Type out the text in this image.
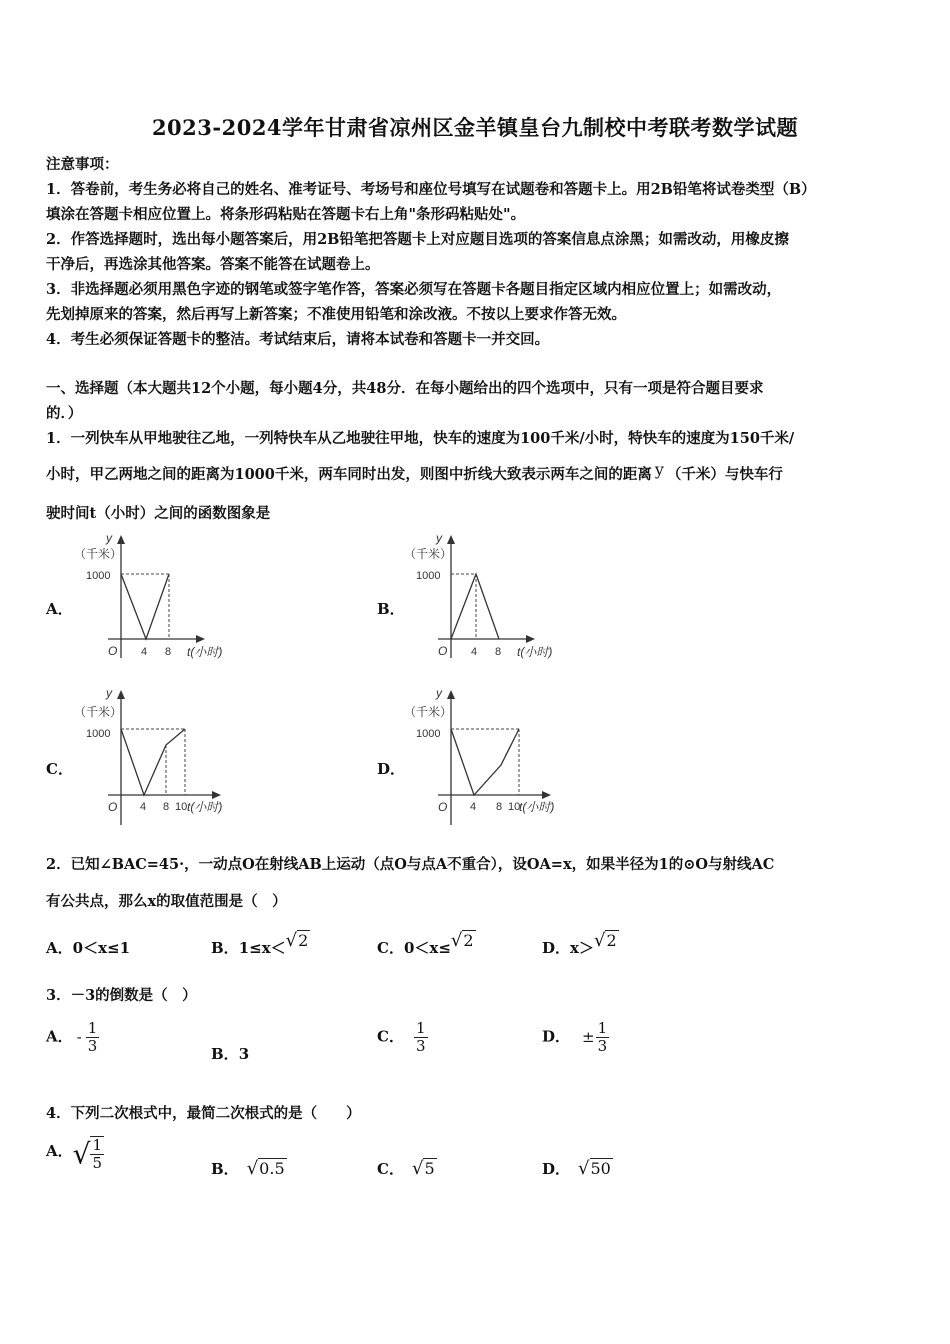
2023-2024学年甘肃省凉州区金羊镇皇台九制校中考联考数学试题
注意事项：
1．答卷前，考生务必将自己的姓名、准考证号、考场号和座位号填写在试题卷和答题卡上。用2B铅笔将试卷类型（B）
填涂在答题卡相应位置上。将条形码粘贴在答题卡右上角"条形码粘贴处"。
2．作答选择题时，选出每小题答案后，用2B铅笔把答题卡上对应题目选项的答案信息点涂黑；如需改动，用橡皮擦
干净后，再选涂其他答案。答案不能答在试题卷上。
3．非选择题必须用黑色字迹的钢笔或签字笔作答，答案必须写在答题卡各题目指定区域内相应位置上；如需改动，
先划掉原来的答案，然后再写上新答案；不准使用铅笔和涂改液。不按以上要求作答无效。
4．考生必须保证答题卡的整洁。考试结束后，请将本试卷和答题卡一并交回。
一、选择题（本大题共12个小题，每小题4分，共48分．在每小题给出的四个选项中，只有一项是符合题目要求
的．）
1．一列快车从甲地驶往乙地，一列特快车从乙地驶往甲地，快车的速度为100千米/小时，特快车的速度为150千米/
小时，甲乙两地之间的距离为1000千米，两车同时出发，则图中折线大致表示两车之间的距离 y （千米）与快车行
驶时间t（小时）之间的函数图象是
A．	B．
C．	D．
y
（千米）
1000
O 4 8 t(小时)
y
（千米）
1000
O 4 8 t(小时)
y
（千米）
1000
O 4 8 10 t(小时)
y
（千米）
1000
O 4 8 10
t(小时)
2．已知∠BAC=45·，一动点O在射线AB上运动（点O与点A不重合），设OA=x，如果半径为1的⊙O与射线AC
有公共点，那么x的取值范围是（　）
A．0＜x≤1	B．1≤x＜√2	C．0＜x≤√2	D．x＞√2
3．－3的倒数是（　）
A． - $\frac{1}{3}$	B．3
C． $\frac{1}{3}$	D． ± $\frac{1}{3}$
4．下列二次根式中，最简二次根式的是（　　）
A．√ $\frac{1}{5}$	B． √0.5	C． √5	D． √50
